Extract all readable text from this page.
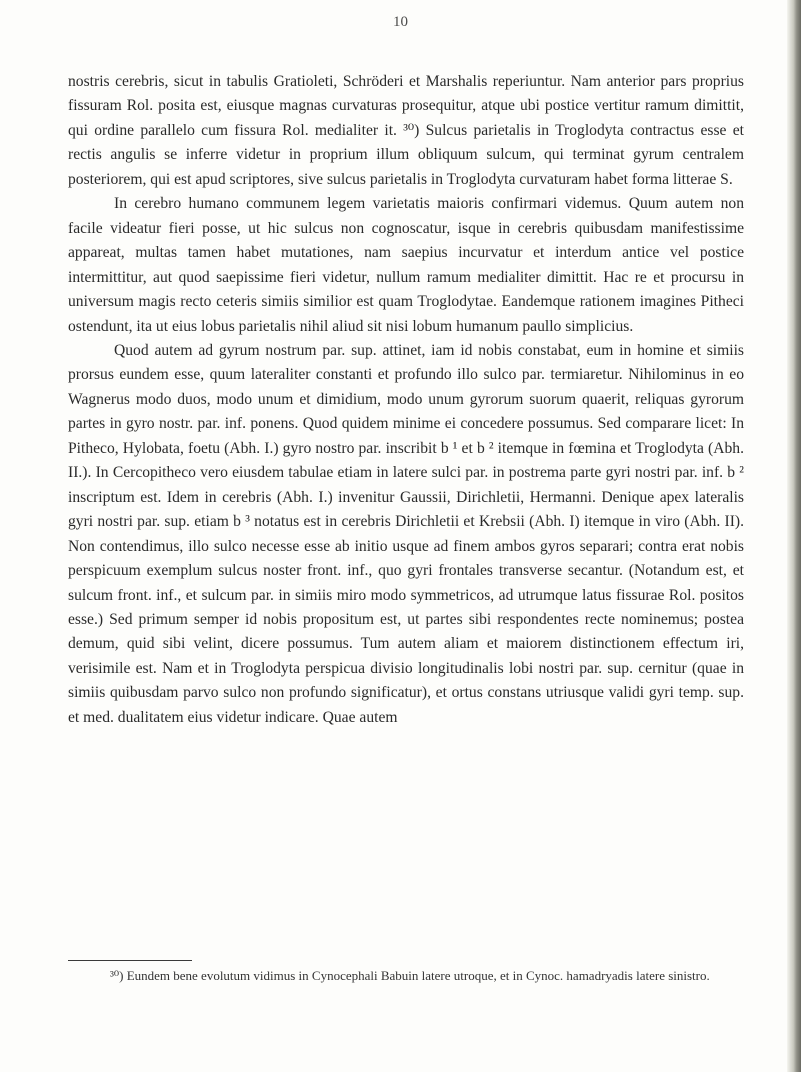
10

nostris cerebris, sicut in tabulis Gratioleti, Schröderi et Marshalis reperiuntur. Nam anterior pars proprius fissuram Rol. posita est, eiusque magnas curvaturas prosequitur, atque ubi postice vertitur ramum dimittit, qui ordine parallelo cum fissura Rol. medialiter it. ³⁰) Sulcus parietalis in Troglodyta contractus esse et rectis angulis se inferre videtur in proprium illum obliquum sulcum, qui terminat gyrum centralem posteriorem, qui est apud scriptores, sive sulcus parietalis in Troglodyta curvaturam habet forma litterae S.

In cerebro humano communem legem varietatis maioris confirmari videmus. Quum autem non facile videatur fieri posse, ut hic sulcus non cognoscatur, isque in cerebris quibusdam manifestissime appareat, multas tamen habet mutationes, nam saepius incurvatur et interdum antice vel postice intermittitur, aut quod saepissime fieri videtur, nullum ramum medialiter dimittit. Hac re et procursu in universum magis recto ceteris simiis similior est quam Troglodytae. Eandemque rationem imagines Pitheci ostendunt, ita ut eius lobus parietalis nihil aliud sit nisi lobum humanum paullo simplicius.

Quod autem ad gyrum nostrum par. sup. attinet, iam id nobis constabat, eum in homine et simiis prorsus eundem esse, quum lateraliter constanti et profundo illo sulco par. termiaretur. Nihilominus in eo Wagnerus modo duos, modo unum et dimidium, modo unum gyrorum suorum quaerit, reliquas gyrorum partes in gyro nostr. par. inf. ponens. Quod quidem minime ei concedere possumus. Sed comparare licet: In Pitheco, Hylobata, foetu (Abh. I.) gyro nostro par. inscribit b ¹ et b ² itemque in fœmina et Troglodyta (Abh. II.). In Cercopitheco vero eiusdem tabulae etiam in latere sulci par. in postrema parte gyri nostri par. inf. b ² inscriptum est. Idem in cerebris (Abh. I.) invenitur Gaussii, Dirichletii, Hermanni. Denique apex lateralis gyri nostri par. sup. etiam b ³ notatus est in cerebris Dirichletii et Krebsii (Abh. I) itemque in viro (Abh. II). Non contendimus, illo sulco necesse esse ab initio usque ad finem ambos gyros separari; contra erat nobis perspicuum exemplum sulcus noster front. inf., quo gyri frontales transverse secantur. (Notandum est, et sulcum front. inf., et sulcum par. in simiis miro modo symmetricos, ad utrumque latus fissurae Rol. positos esse.) Sed primum semper id nobis propositum est, ut partes sibi respondentes recte nominemus; postea demum, quid sibi velint, dicere possumus. Tum autem aliam et maiorem distinctionem effectum iri, verisimile est. Nam et in Troglodyta perspicua divisio longitudinalis lobi nostri par. sup. cernitur (quae in simiis quibusdam parvo sulco non profundo significatur), et ortus constans utriusque validi gyri temp. sup. et med. dualitatem eius videtur indicare. Quae autem

³⁰) Eundem bene evolutum vidimus in Cynocephali Babuin latere utroque, et in Cynoc. hamadryadis latere sinistro.
